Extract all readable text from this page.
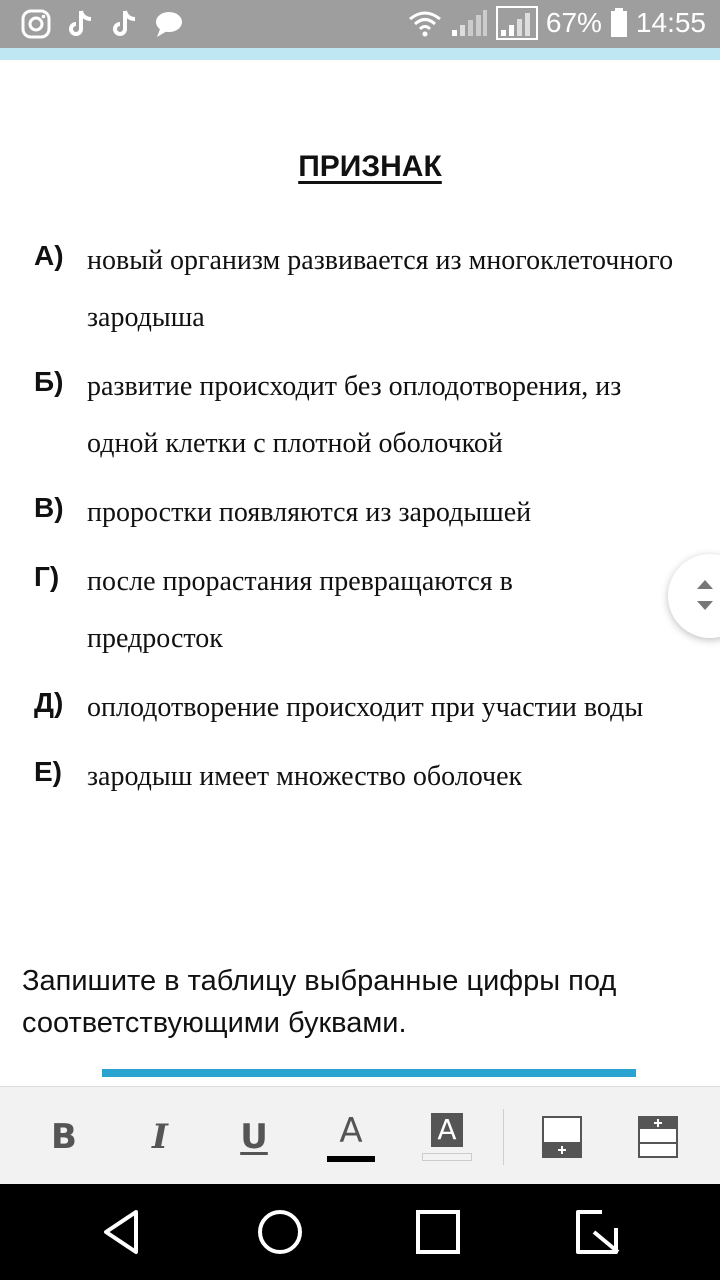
67% 14:55
ПРИЗНАК
А) новый организм развивается из многоклеточного зародыша
Б) развитие происходит без оплодотворения, из одной клетки с плотной оболочкой
В) проростки появляются из зародышей
Г) после прорастания превращаются в предросток
Д) оплодотворение происходит при участии воды
Е) зародыш имеет множество оболочек
Запишите в таблицу выбранные цифры под соответствующими буквами.
B I U A	A
